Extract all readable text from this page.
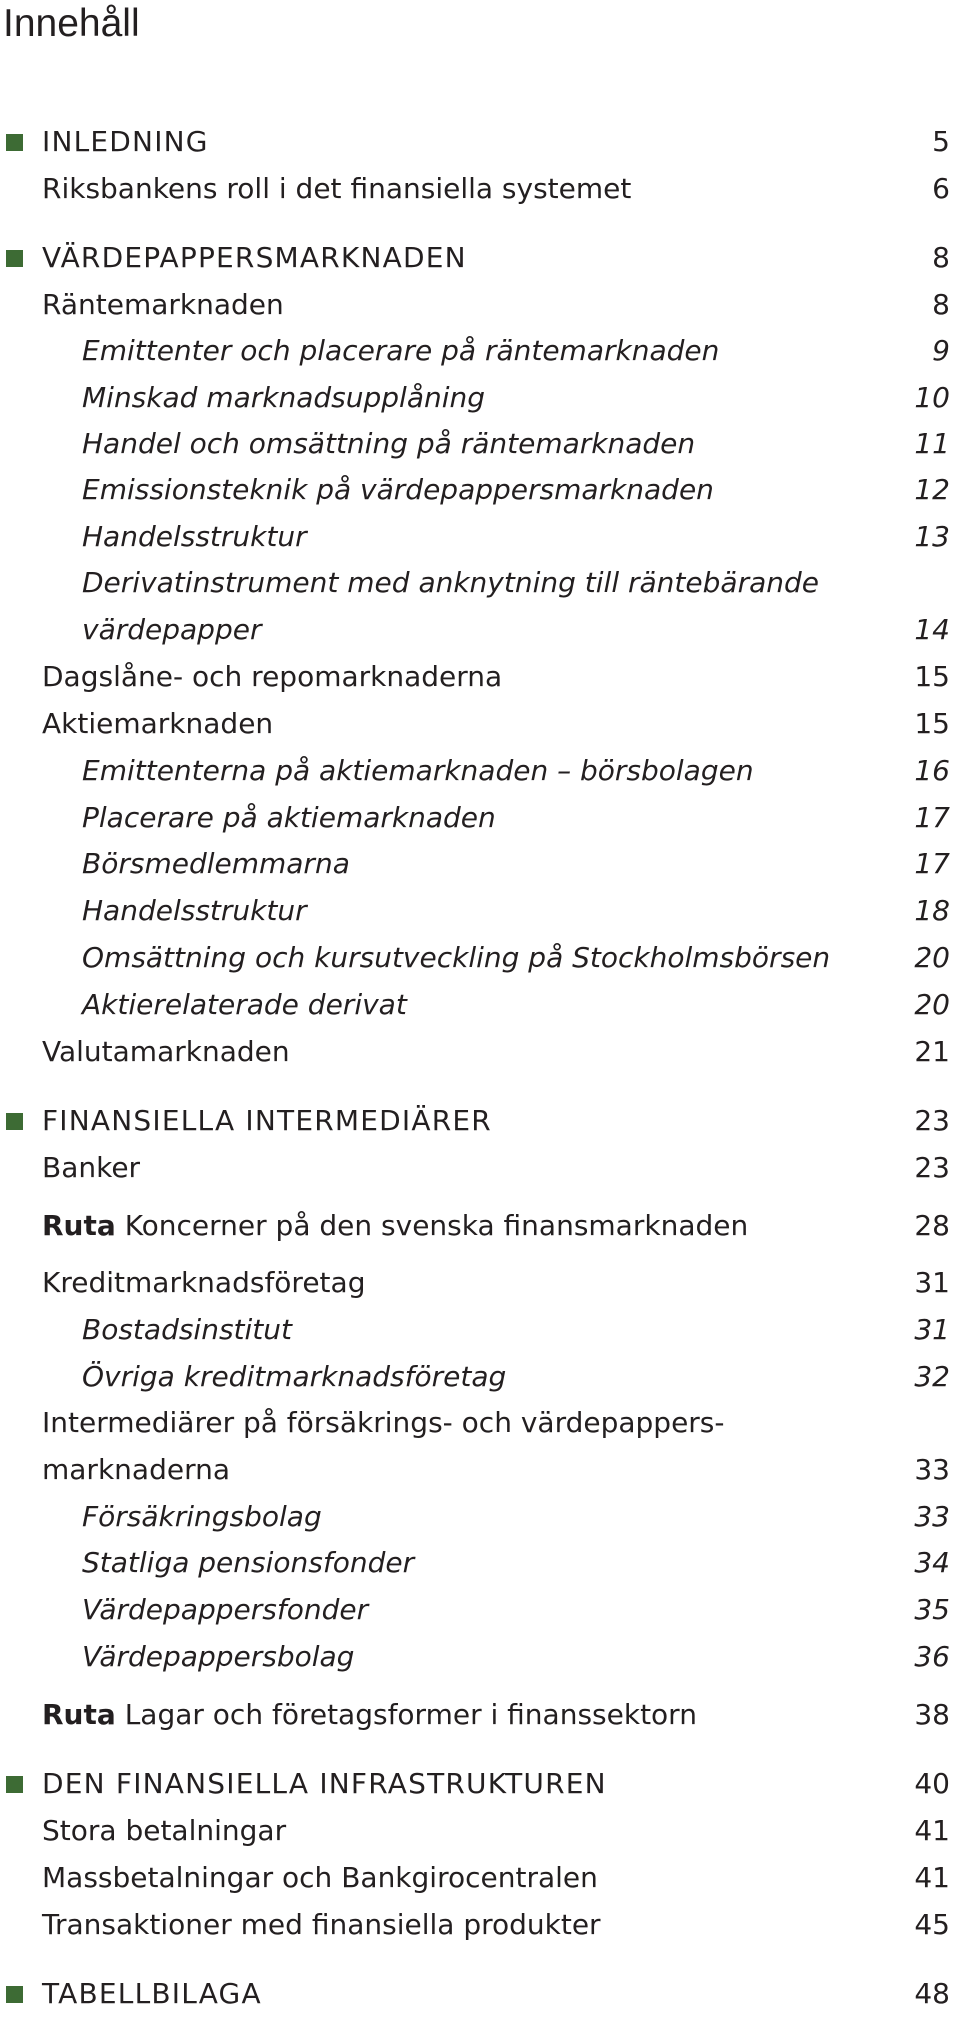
Innehåll
INLEDNING	5
Riksbankens roll i det finansiella systemet	6
VÄRDEPAPPERSMARKNADEN	8
Räntemarknaden	8
Emittenter och placerare på räntemarknaden	9
Minskad marknadsupplåning	10
Handel och omsättning på räntemarknaden	11
Emissionsteknik på värdepappersmarknaden	12
Handelsstruktur	13
Derivatinstrument med anknytning till räntebärande
värdepapper	14
Dagslåne- och repomarknaderna	15
Aktiemarknaden	15
Emittenterna på aktiemarknaden – börsbolagen	16
Placerare på aktiemarknaden	17
Börsmedlemmarna	17
Handelsstruktur	18
Omsättning och kursutveckling på Stockholmsbörsen	20
Aktierelaterade derivat	20
Valutamarknaden	21
FINANSIELLA INTERMEDIÄRER	23
Banker	23
Ruta Koncerner på den svenska finansmarknaden	28
Kreditmarknadsföretag	31
Bostadsinstitut	31
Övriga kreditmarknadsföretag	32
Intermediärer på försäkrings- och värdepappers-
marknaderna	33
Försäkringsbolag	33
Statliga pensionsfonder	34
Värdepappersfonder	35
Värdepappersbolag	36
Ruta Lagar och företagsformer i finanssektorn	38
DEN FINANSIELLA INFRASTRUKTUREN	40
Stora betalningar	41
Massbetalningar och Bankgirocentralen	41
Transaktioner med finansiella produkter	45
TABELLBILAGA	48
